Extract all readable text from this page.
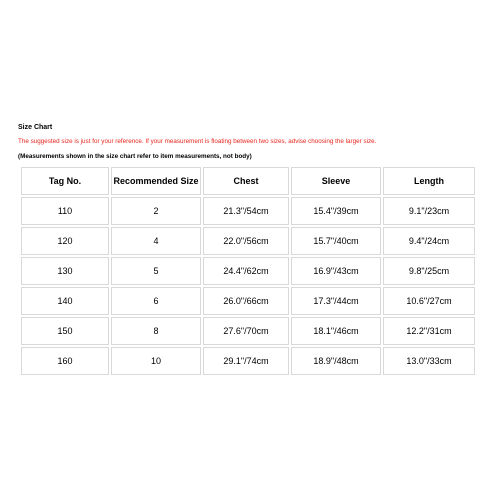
Size Chart
The suggested size is just for your reference. If your measurement is floating between two sizes, advise choosing the larger size.
(Measurements shown in the size chart refer to item measurements, not body)
Tag No.	Recommended Size	Chest	Sleeve	Length
110	2	21.3"/54cm	15.4"/39cm	9.1"/23cm
120	4	22.0"/56cm	15.7"/40cm	9.4"/24cm
130	5	24.4"/62cm	16.9"/43cm	9.8"/25cm
140	6	26.0"/66cm	17.3"/44cm	10.6"/27cm
150	8	27.6"/70cm	18.1"/46cm	12.2"/31cm
160	10	29.1"/74cm	18.9"/48cm	13.0"/33cm
